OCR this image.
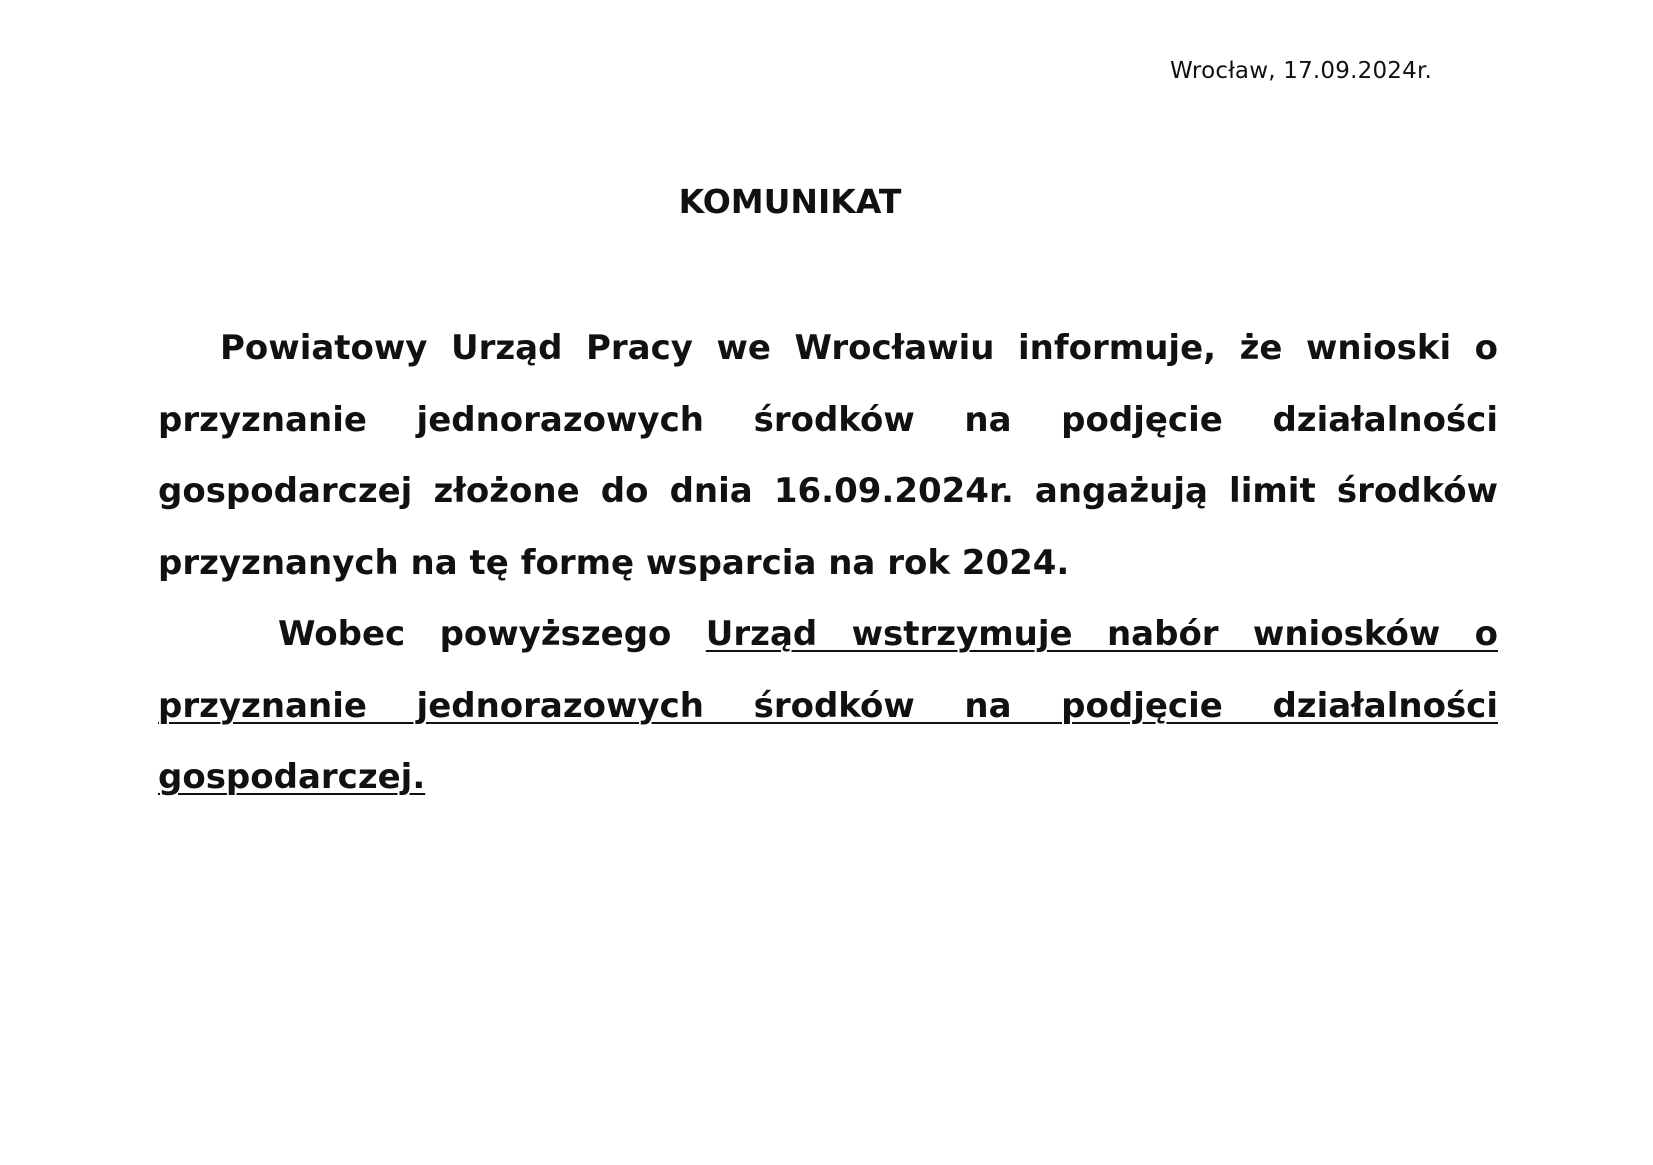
Wrocław, 17.09.2024r.
KOMUNIKAT

Powiatowy Urząd Pracy we Wrocławiu informuje, że wnioski o przyznanie jednorazowych środków na podjęcie działalności gospodarczej złożone do dnia 16.09.2024r. angażują limit środków przyznanych na tę formę wsparcia na rok 2024.

Wobec powyższego Urząd wstrzymuje nabór wniosków o przyznanie jednorazowych środków na podjęcie działalności gospodarczej.
